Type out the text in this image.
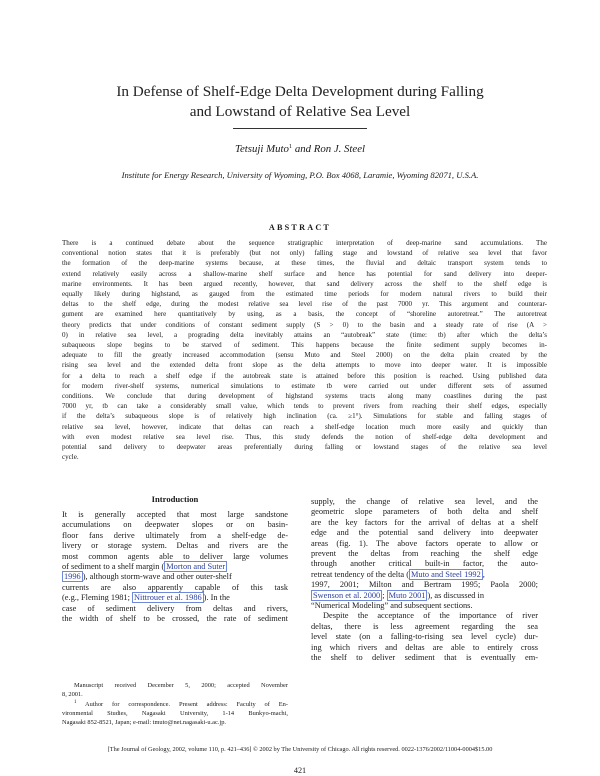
In Defense of Shelf-Edge Delta Development during Falling
and Lowstand of Relative Sea Level
Tetsuji Muto$^1$ and Ron J. Steel
Institute for Energy Research, University of Wyoming, P.O. Box 4068, Laramie, Wyoming 82071, U.S.A.
ABSTRACT
There is a continued debate about the sequence stratigraphic interpretation of deep-marine sand accumulations. The
conventional notion states that it is preferably (but not only) falling stage and lowstand of relative sea level that favor
the formation of the deep-marine systems because, at these times, the fluvial and deltaic transport system tends to
extend relatively easily across a shallow-marine shelf surface and hence has potential for sand delivery into deeper-
marine environments. It has been argued recently, however, that sand delivery across the shelf to the shelf edge is
equally likely during highstand, as gauged from the estimated time periods for modern natural rivers to build their
deltas to the shelf edge, during the modest relative sea level rise of the past 7000 yr. This argument and counterar-
gument are examined here quantitatively by using, as a basis, the concept of “shoreline autoretreat.” The autoretreat
theory predicts that under conditions of constant sediment supply (S > 0) to the basin and a steady rate of rise (A >
0) in relative sea level, a prograding delta inevitably attains an “autobreak” state (time: tb) after which the delta’s
subaqueous slope begins to be starved of sediment. This happens because the finite sediment supply becomes in-
adequate to fill the greatly increased accommodation (sensu Muto and Steel 2000) on the delta plain created by the
rising sea level and the extended delta front slope as the delta attempts to move into deeper water. It is impossible
for a delta to reach a shelf edge if the autobreak state is attained before this position is reached. Using published data
for modern river-shelf systems, numerical simulations to estimate tb were carried out under different sets of assumed
conditions. We conclude that during development of highstand systems tracts along many coastlines during the past
7000 yr, tb can take a considerably small value, which tends to prevent rivers from reaching their shelf edges, especially
if the delta’s subaqueous slope is of relatively high inclination (ca. ≥1°). Simulations for stable and falling stages of
relative sea level, however, indicate that deltas can reach a shelf-edge location much more easily and quickly than
with even modest relative sea level rise. Thus, this study defends the notion of shelf-edge delta development and
potential sand delivery to deepwater areas preferentially during falling or lowstand stages of the relative sea level
cycle.
Introduction
It is generally accepted that most large sandstone
accumulations on deepwater slopes or on basin-
floor fans derive ultimately from a shelf-edge de-
livery or storage system. Deltas and rivers are the
most common agents able to deliver large volumes
of sediment to a shelf margin ( Morton and Suter
1996 ), although storm-wave and other outer-shelf
currents are also apparently capable of this task
(e.g., Fleming 1981; Nittrouer et al. 1986 ). In the
case of sediment delivery from deltas and rivers,
the width of shelf to be crossed, the rate of sediment
Manuscript received December 5, 2000; accepted November
8, 2001.
$^1$ Author for correspondence. Present address: Faculty of En-
vironmental Studies, Nagasaki University, 1-14 Bunkyo-machi,
Nagasaki 852-8521, Japan; e-mail: tmuto@net.nagasaki-u.ac.jp.
supply, the change of relative sea level, and the
geometric slope parameters of both delta and shelf
are the key factors for the arrival of deltas at a shelf
edge and the potential sand delivery into deepwater
areas (fig. 1). The above factors operate to allow or
prevent the deltas from reaching the shelf edge
through another critical built-in factor, the auto-
retreat tendency of the delta ( Muto and Steel 1992 ,
1997, 2001; Milton and Bertram 1995; Paola 2000;
Swenson et al. 2000 ; Muto 2001 ), as discussed in
“Numerical Modeling” and subsequent sections.
Despite the acceptance of the importance of river
deltas, there is less agreement regarding the sea
level state (on a falling-to-rising sea level cycle) dur-
ing which rivers and deltas are able to entirely cross
the shelf to deliver sediment that is eventually em-
[The Journal of Geology, 2002, volume 110, p. 421–436] © 2002 by The University of Chicago. All rights reserved. 0022-1376/2002/11004-0004$15.00
421
